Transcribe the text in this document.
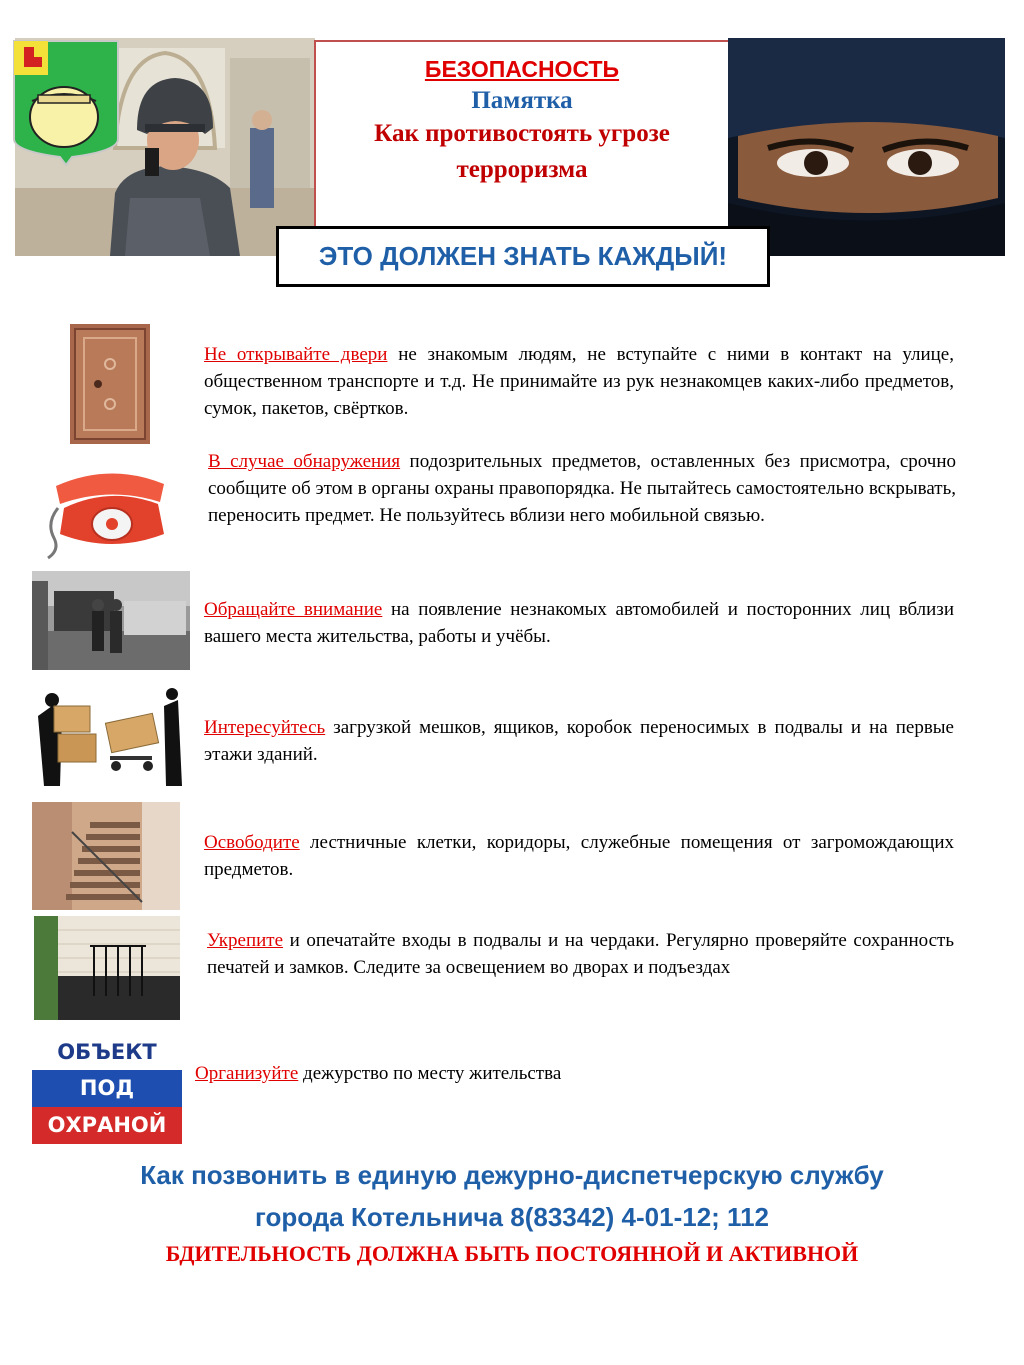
БЕЗОПАСНОСТЬ
Памятка
Как противостоять угрозе
терроризма
ЭТО ДОЛЖЕН ЗНАТЬ КАЖДЫЙ!
Не открывайте двери не знакомым людям, не вступайте с ними в контакт на улице, общественном транспорте и т.д. Не принимайте из рук незнакомцев каких-либо предметов, сумок, пакетов, свёртков.
В случае обнаружения подозрительных предметов, оставленных без присмотра, срочно сообщите об этом в органы охраны правопорядка. Не пытайтесь самостоятельно вскрывать, переносить предмет. Не пользуйтесь вблизи него мобильной связью.
Обращайте внимание на появление незнакомых автомобилей и посторонних лиц вблизи вашего места жительства, работы и учёбы.
Интересуйтесь загрузкой мешков, ящиков, коробок переносимых в подвалы и на первые этажи зданий.
Освободите лестничные клетки, коридоры, служебные помещения от загромождающих предметов.
Укрепите и опечатайте входы в подвалы и на чердаки. Регулярно проверяйте сохранность печатей и замков. Следите за освещением во дворах и подъездах
ОБЪЕКТ
ПОД
ОХРАНОЙ
Организуйте дежурство по месту жительства
Как позвонить в единую дежурно-диспетчерскую службу
города Котельнича 8(83342) 4-01-12; 112
БДИТЕЛЬНОСТЬ ДОЛЖНА БЫТЬ ПОСТОЯННОЙ И АКТИВНОЙ
